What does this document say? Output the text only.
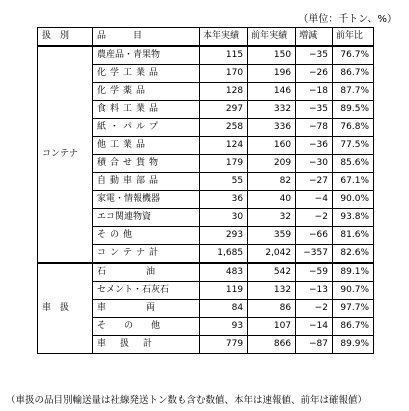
（単位：千トン、%）
扱　別	品　　　目	本年実績	前年実績	増減	前年比
コンテナ	農産品・青果物	115	150	−35	76.7%
	化学工業品	170	196	−26	86.7%
	化学薬品	128	146	−18	87.7%
	食料工業品	297	332	−35	89.5%
	紙・パルプ	258	336	−78	76.8%
	他工業品	124	160	−36	77.5%
	積合せ貨物	179	209	−30	85.6%
	自動車部品	55	82	−27	67.1%
	家電・情報機器	36	40	−4	90.0%
	エコ関連物資	30	32	−2	93.8%
	その他	293	359	−66	81.6%
	コンテナ計	1,685	2,042	−357	82.6%
車　扱	石油	483	542	−59	89.1%
	セメント・石灰石	119	132	−13	90.7%
	車両	84	86	−2	97.7%
	その他	93	107	−14	86.7%
	車扱計	779	866	−87	89.9%
（車扱の品目別輸送量は社線発送トン数も含む数値、本年は速報値、前年は確報値）
